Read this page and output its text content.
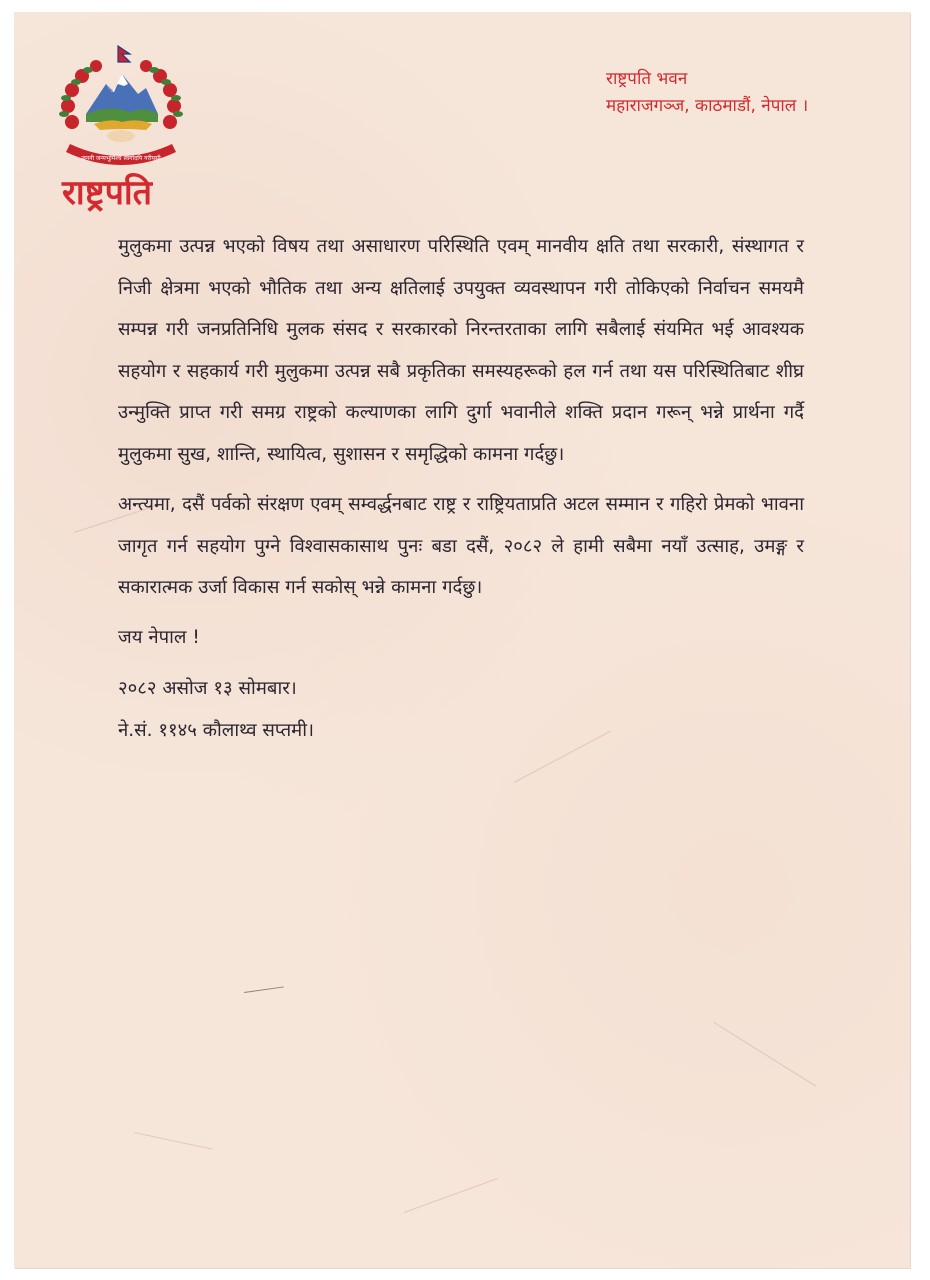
जननी जन्मभूमिश्च स्वर्गादपि गरीयसी
राष्ट्रपति
राष्ट्रपति भवन
महाराजगञ्ज, काठमाडौं, नेपाल ।

मुलुकमा उत्पन्न भएको विषय तथा असाधारण परिस्थिति एवम् मानवीय क्षति तथा सरकारी, संस्थागत र निजी क्षेत्रमा भएको भौतिक तथा अन्य क्षतिलाई उपयुक्त व्यवस्थापन गरी तोकिएको निर्वाचन समयमै सम्पन्न गरी जनप्रतिनिधि मुलक संसद र सरकारको निरन्तरताका लागि सबैलाई संयमित भई आवश्यक सहयोग र सहकार्य गरी मुलुकमा उत्पन्न सबै प्रकृतिका समस्यहरूको हल गर्न तथा यस परिस्थितिबाट शीघ्र उन्मुक्ति प्राप्त गरी समग्र राष्ट्रको कल्याणका लागि दुर्गा भवानीले शक्ति प्रदान गरून् भन्ने प्रार्थना गर्दै मुलुकमा सुख, शान्ति, स्थायित्व, सुशासन र समृद्धिको कामना गर्दछु।

अन्त्यमा, दसैं पर्वको संरक्षण एवम् सम्वर्द्धनबाट राष्ट्र र राष्ट्रियताप्रति अटल सम्मान र गहिरो प्रेमको भावना जागृत गर्न सहयोग पुग्ने विश्वासकासाथ पुनः बडा दसैं, २०८२ ले हामी सबैमा नयाँ उत्साह, उमङ्ग र सकारात्मक उर्जा विकास गर्न सकोस् भन्ने कामना गर्दछु।

जय नेपाल !

२०८२ असोज १३ सोमबार।

ने.सं. ११४५ कौलाथ्व सप्तमी।
